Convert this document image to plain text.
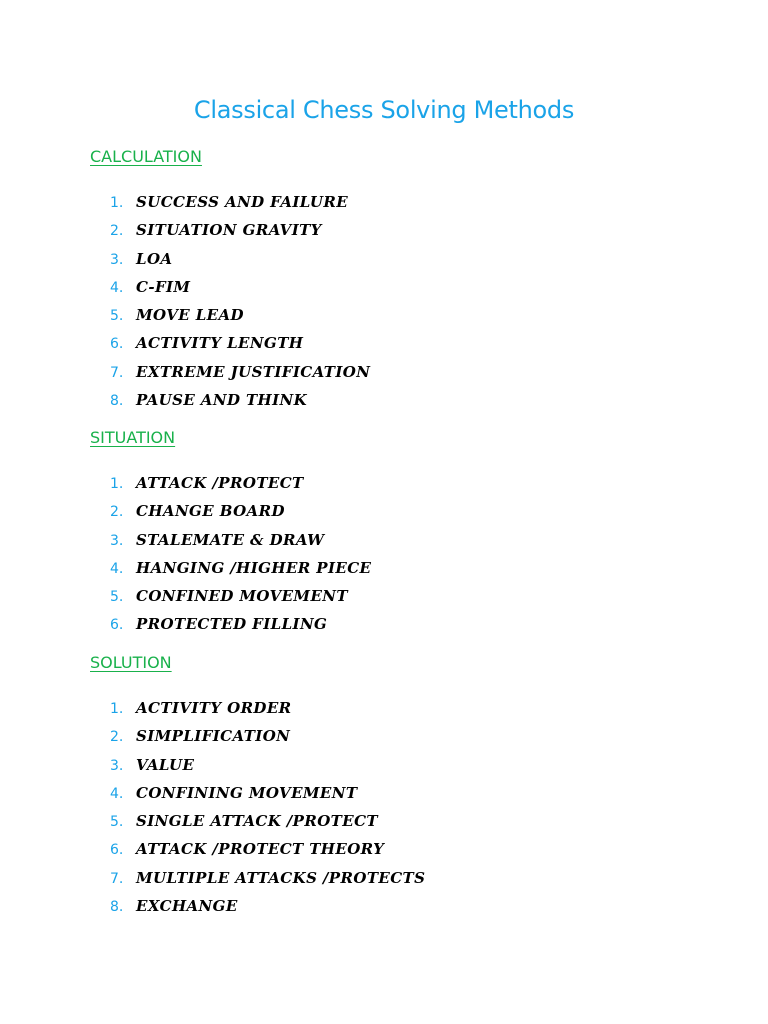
Classical Chess Solving Methods
CALCULATION
1. SUCCESS AND FAILURE
2. SITUATION GRAVITY
3. LOA
4. C-FIM
5. MOVE LEAD
6. ACTIVITY LENGTH
7. EXTREME JUSTIFICATION
8. PAUSE AND THINK
SITUATION
1. ATTACK /PROTECT
2. CHANGE BOARD
3. STALEMATE & DRAW
4. HANGING /HIGHER PIECE
5. CONFINED MOVEMENT
6. PROTECTED FILLING
SOLUTION
1. ACTIVITY ORDER
2. SIMPLIFICATION
3. VALUE
4. CONFINING MOVEMENT
5. SINGLE ATTACK /PROTECT
6. ATTACK /PROTECT THEORY
7. MULTIPLE ATTACKS /PROTECTS
8. EXCHANGE
